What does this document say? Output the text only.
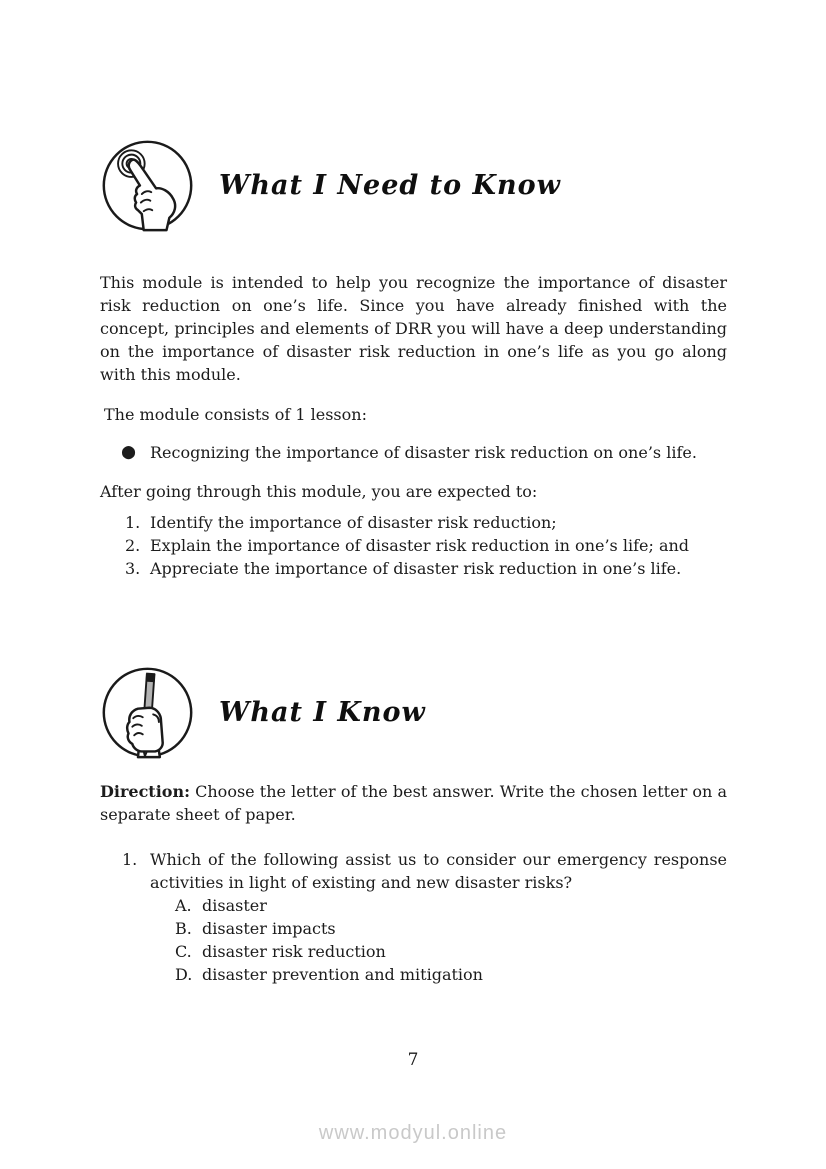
What I Need to Know

This module is intended to help you recognize the importance of disaster risk reduction on one’s life. Since you have already finished with the concept, principles and elements of DRR you will have a deep understanding on the importance of disaster risk reduction in one’s life as you go along with this module.

The module consists of 1 lesson:

⬤ Recognizing the importance of disaster risk reduction on one’s life.

After going through this module, you are expected to:

1. Identify the importance of disaster risk reduction;
2. Explain the importance of disaster risk reduction in one’s life; and
3. Appreciate the importance of disaster risk reduction in one’s life.
What I Know

Direction: Choose the letter of the best answer. Write the chosen letter on a separate sheet of paper.

1. Which of the following assist us to consider our emergency response activities in light of existing and new disaster risks?
A. disaster
B. disaster impacts
C. disaster risk reduction
D. disaster prevention and mitigation
7
www.modyul.online
